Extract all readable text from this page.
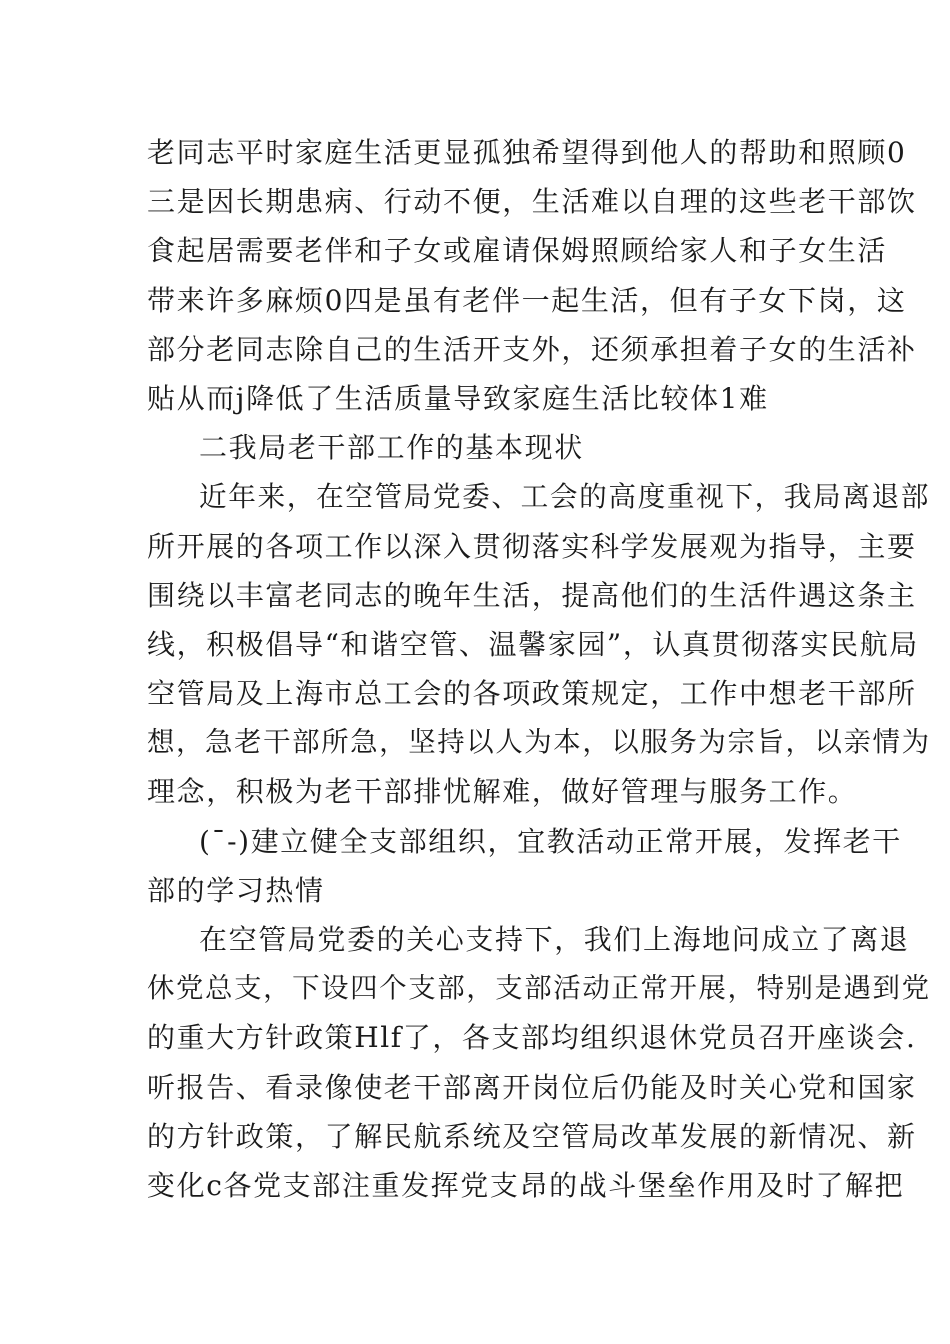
老同志平时家庭生活更显孤独希望得到他人的帮助和照顾0
三是因长期患病、行动不便，生活难以自理的这些老干部饮
食起居需要老伴和子女或雇请保姆照顾给家人和子女生活
带来许多麻烦0四是虽有老伴一起生活，但有子女下岗，这
部分老同志除自己的生活开支外，还须承担着子女的生活补
贴从而j降低了生活质量导致家庭生活比较体1难
二我局老干部工作的基本现状
近年来，在空管局党委、工会的高度重视下，我局离退部
所开展的各项工作以深入贯彻落实科学发展观为指导，主要
围绕以丰富老同志的晚年生活，提高他们的生活件遇这条主
线，积极倡导“和谐空管、温馨家园”，认真贯彻落实民航局
空管局及上海市总工会的各项政策规定，工作中想老干部所
想，急老干部所急，坚持以人为本，以服务为宗旨，以亲情为
理念，积极为老干部排忧解难，做好管理与服务工作。
(¯-)建立健全支部组织，宜教活动正常开展，发挥老干
部的学习热情
在空管局党委的关心支持下，我们上海地问成立了离退
休党总支，下设四个支部，支部活动正常开展，特别是遇到党
的重大方针政策Hlf了，各支部均组织退休党员召开座谈会.
听报告、看录像使老干部离开岗位后仍能及时关心党和国家
的方针政策，了解民航系统及空管局改革发展的新情况、新
变化c各党支部注重发挥党支昂的战斗堡垒作用及时了解把
